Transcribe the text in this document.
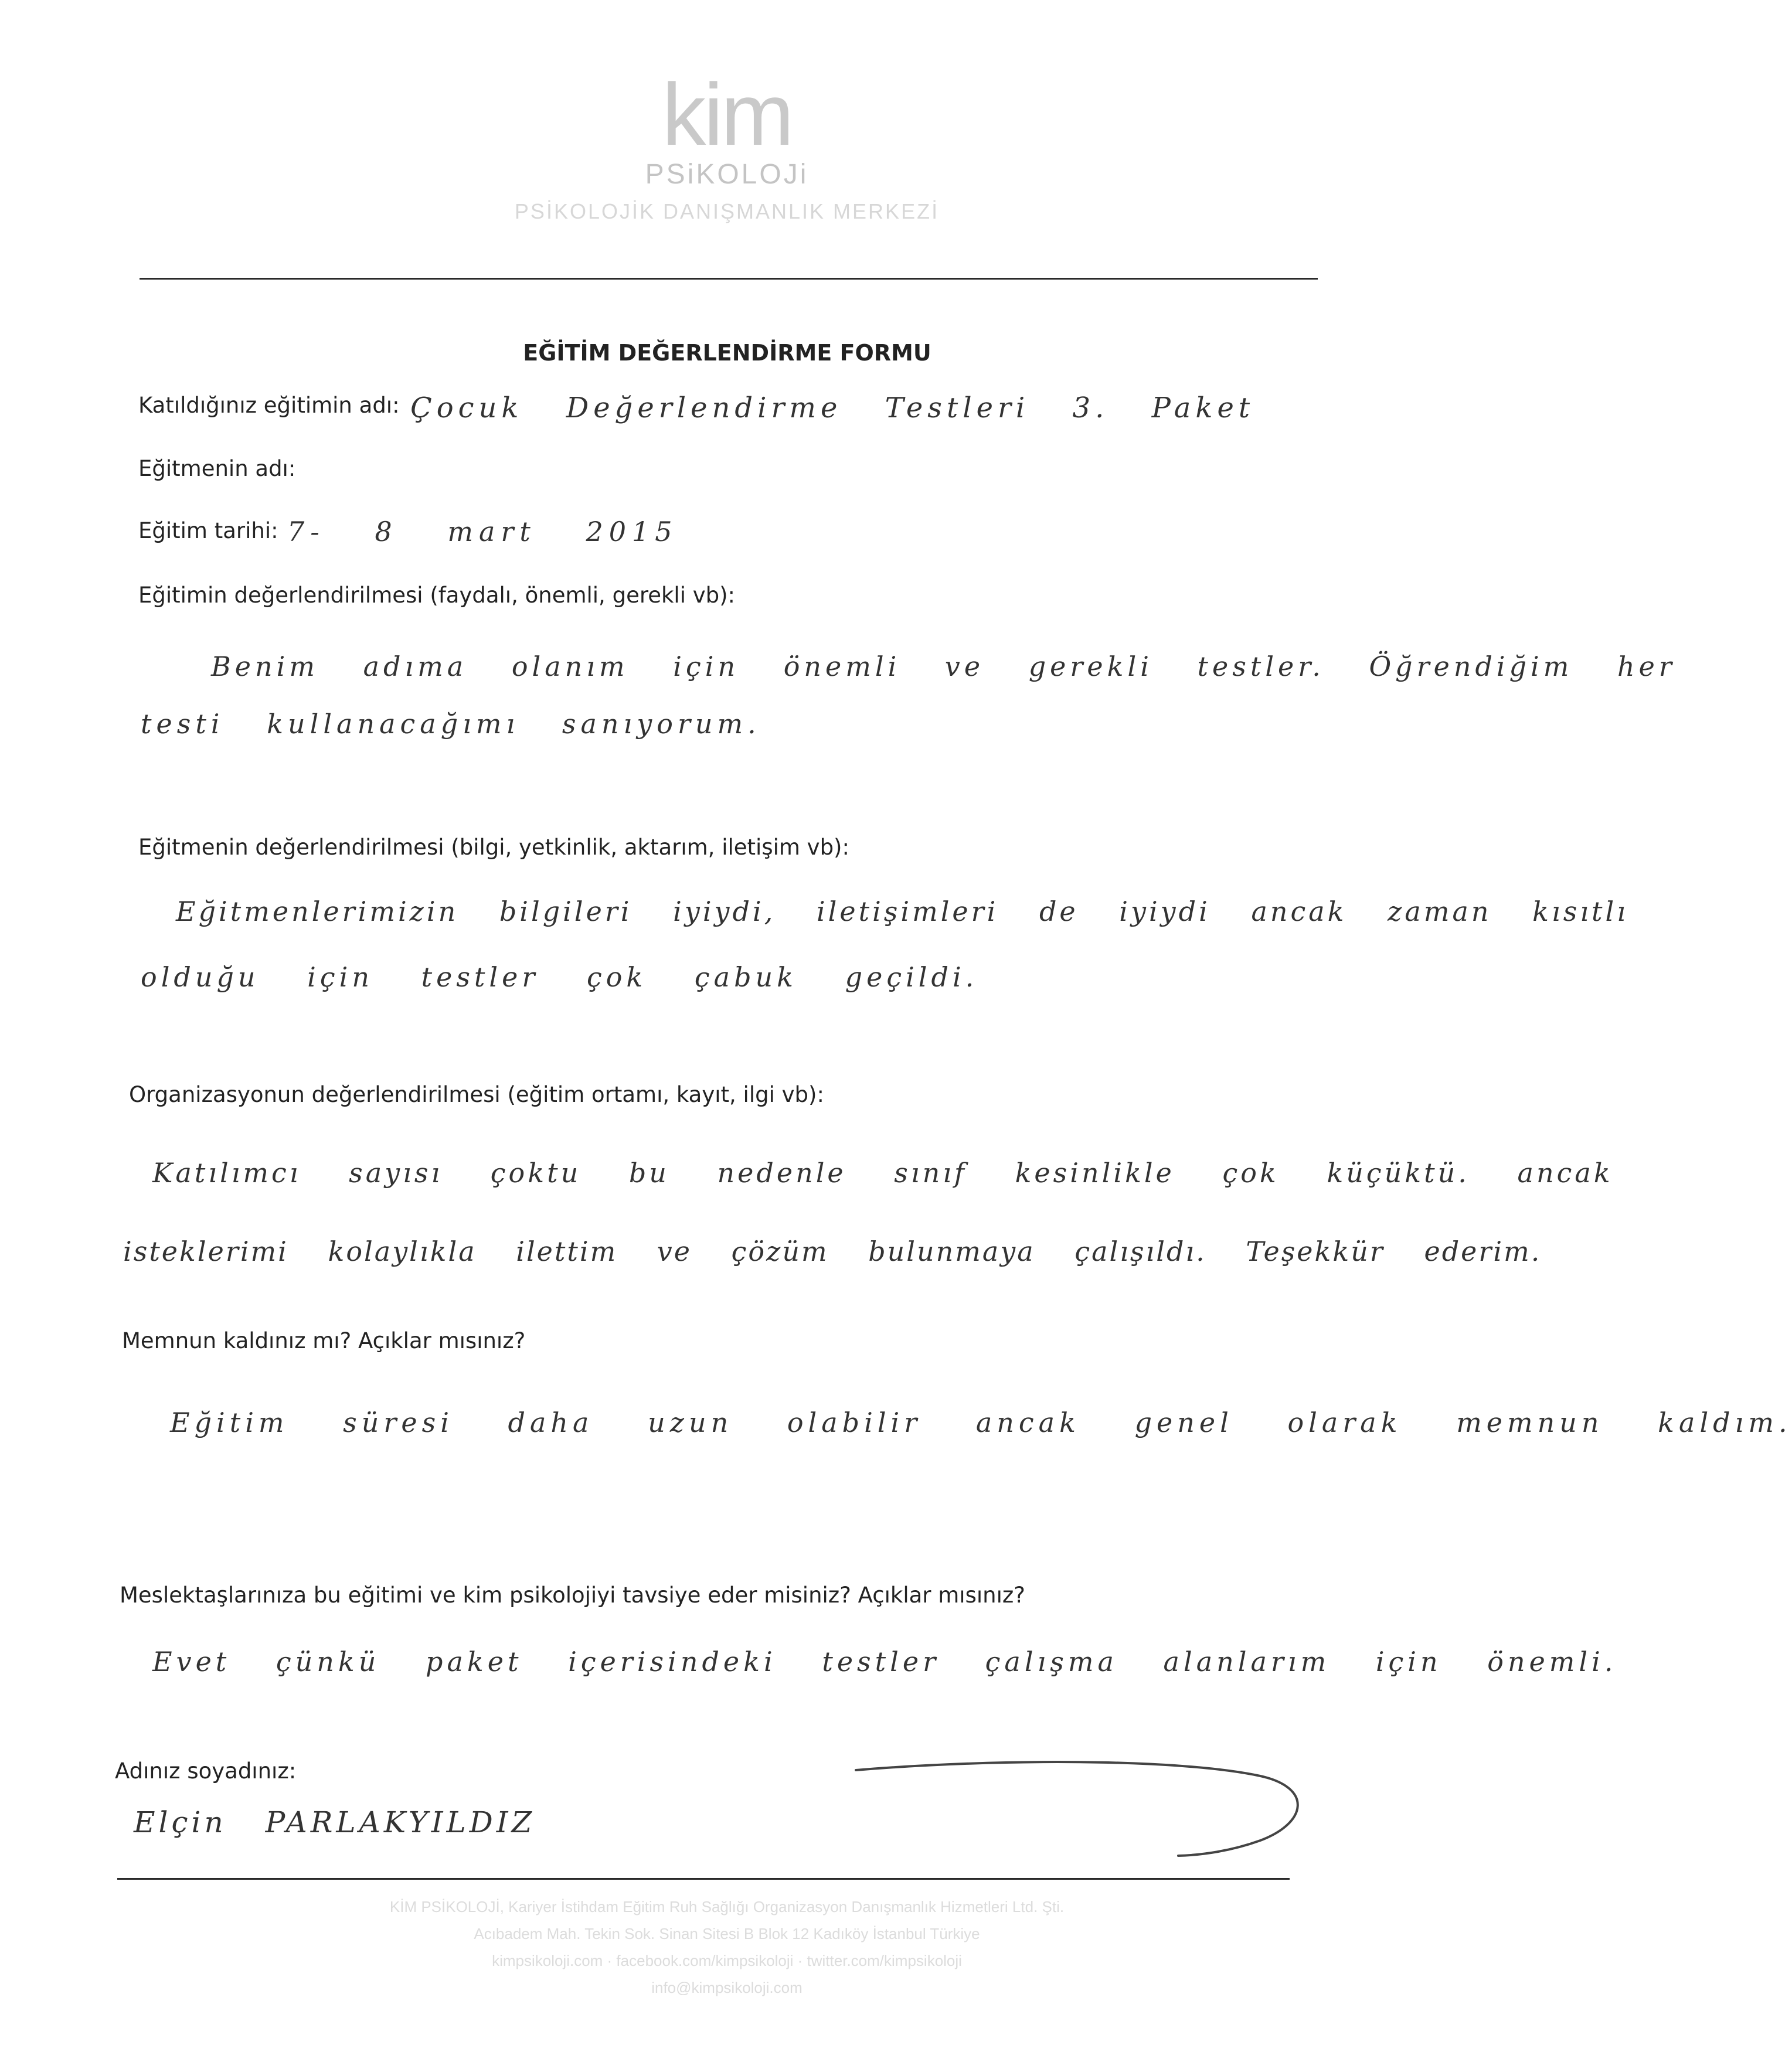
kim
PSiKOLOJi
PSİKOLOJİK DANIŞMANLIK MERKEZİ
EĞİTİM DEĞERLENDİRME FORMU
Katıldığınız eğitimin adı: Çocuk Değerlendirme Testleri 3. Paket
Eğitmenin adı:
Eğitim tarihi: 7- 8 mart 2015
Eğitimin değerlendirilmesi (faydalı, önemli, gerekli vb):
Benim adıma olanım için önemli ve gerekli testler. Öğrendiğim her
testi kullanacağımı sanıyorum.
Eğitmenin değerlendirilmesi (bilgi, yetkinlik, aktarım, iletişim vb):
Eğitmenlerimizin bilgileri iyiydi, iletişimleri de iyiydi ancak zaman kısıtlı
olduğu için testler çok çabuk geçildi.
Organizasyonun değerlendirilmesi (eğitim ortamı, kayıt, ilgi vb):
Katılımcı sayısı çoktu bu nedenle sınıf kesinlikle çok küçüktü. ancak
isteklerimi kolaylıkla ilettim ve çözüm bulunmaya çalışıldı. Teşekkür ederim.
Memnun kaldınız mı? Açıklar mısınız?
Eğitim süresi daha uzun olabilir ancak genel olarak memnun kaldım.
Meslektaşlarınıza bu eğitimi ve kim psikolojiyi tavsiye eder misiniz? Açıklar mısınız?
Evet çünkü paket içerisindeki testler çalışma alanlarım için önemli.
Adınız soyadınız:
Elçin PARLAKYILDIZ
KİM PSİKOLOJİ, Kariyer İstihdam Eğitim Ruh Sağlığı Organizasyon Danışmanlık Hizmetleri Ltd. Şti.
Acıbadem Mah. Tekin Sok. Sinan Sitesi B Blok 12 Kadıköy İstanbul Türkiye
kimpsikoloji.com · facebook.com/kimpsikoloji · twitter.com/kimpsikoloji
info@kimpsikoloji.com
